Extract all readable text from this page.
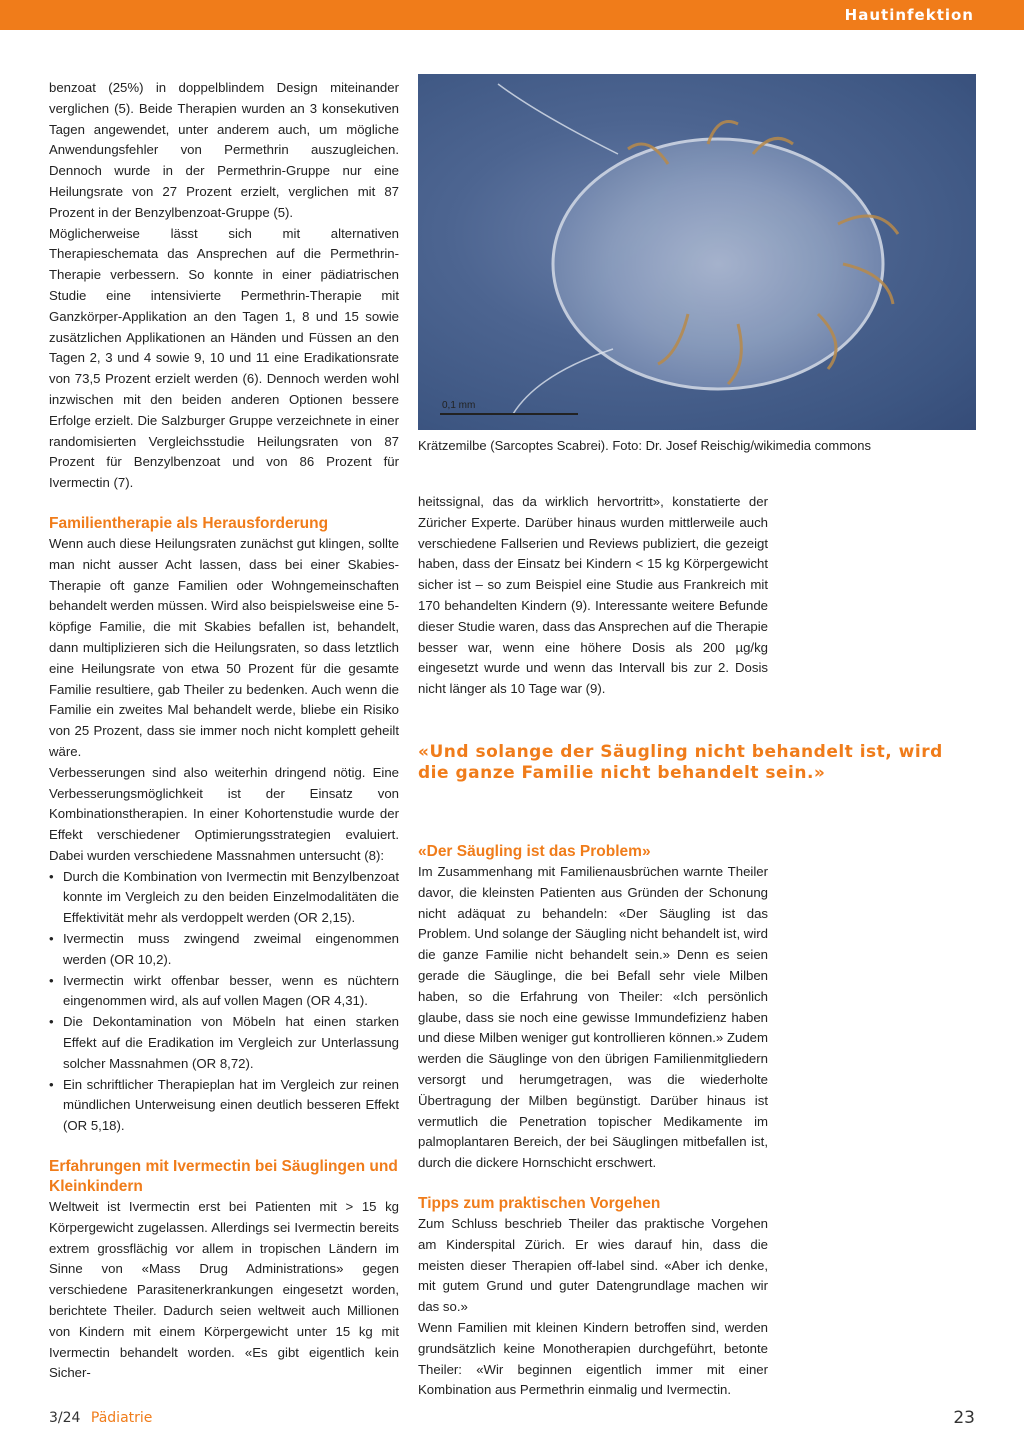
Hautinfektion

benzoat (25%) in doppelblindem Design miteinander verglichen (5). Beide Therapien wurden an 3 konsekutiven Tagen angewendet, unter anderem auch, um mögliche Anwendungsfehler von Permethrin auszugleichen. Dennoch wurde in der Permethrin-Gruppe nur eine Heilungsrate von 27 Prozent erzielt, verglichen mit 87 Prozent in der Benzylbenzoat-Gruppe (5).

Möglicherweise lässt sich mit alternativen Therapieschemata das Ansprechen auf die Permethrin-Therapie verbessern. So konnte in einer pädiatrischen Studie eine intensivierte Permethrin-Therapie mit Ganzkörper-Applikation an den Tagen 1, 8 und 15 sowie zusätzlichen Applikationen an Händen und Füssen an den Tagen 2, 3 und 4 sowie 9, 10 und 11 eine Eradikationsrate von 73,5 Prozent erzielt werden (6). Dennoch werden wohl inzwischen mit den beiden anderen Optionen bessere Erfolge erzielt. Die Salzburger Gruppe verzeichnete in einer randomisierten Vergleichsstudie Heilungsraten von 87 Prozent für Benzylbenzoat und von 86 Prozent für Ivermectin (7).

Familientherapie als Herausforderung

Wenn auch diese Heilungsraten zunächst gut klingen, sollte man nicht ausser Acht lassen, dass bei einer Skabies-Therapie oft ganze Familien oder Wohngemeinschaften behandelt werden müssen. Wird also beispielsweise eine 5-köpfige Familie, die mit Skabies befallen ist, behandelt, dann multiplizieren sich die Heilungsraten, so dass letztlich eine Heilungsrate von etwa 50 Prozent für die gesamte Familie resultiere, gab Theiler zu bedenken. Auch wenn die Familie ein zweites Mal behandelt werde, bliebe ein Risiko von 25 Prozent, dass sie immer noch nicht komplett geheilt wäre.

Verbesserungen sind also weiterhin dringend nötig. Eine Verbesserungsmöglichkeit ist der Einsatz von Kombinationstherapien. In einer Kohortenstudie wurde der Effekt verschiedener Optimierungsstrategien evaluiert. Dabei wurden verschiedene Massnahmen untersucht (8):

• Durch die Kombination von Ivermectin mit Benzylbenzoat konnte im Vergleich zu den beiden Einzelmodalitäten die Effektivität mehr als verdoppelt werden (OR 2,15).
• Ivermectin muss zwingend zweimal eingenommen werden (OR 10,2).
• Ivermectin wirkt offenbar besser, wenn es nüchtern eingenommen wird, als auf vollen Magen (OR 4,31).
• Die Dekontamination von Möbeln hat einen starken Effekt auf die Eradikation im Vergleich zur Unterlassung solcher Massnahmen (OR 8,72).
• Ein schriftlicher Therapieplan hat im Vergleich zur reinen mündlichen Unterweisung einen deutlich besseren Effekt (OR 5,18).
Erfahrungen mit Ivermectin bei Säuglingen und Kleinkindern

Weltweit ist Ivermectin erst bei Patienten mit > 15 kg Körpergewicht zugelassen. Allerdings sei Ivermectin bereits extrem grossflächig vor allem in tropischen Ländern im Sinne von «Mass Drug Administrations» gegen verschiedene Parasitenerkrankungen eingesetzt worden, berichtete Theiler. Dadurch seien weltweit auch Millionen von Kindern mit einem Körpergewicht unter 15 kg mit Ivermectin behandelt worden. «Es gibt eigentlich kein Sicher-

0,1 mm
Krätzemilbe (Sarcoptes Scabrei). Foto: Dr. Josef Reischig/wikimedia commons

heitssignal, das da wirklich hervortritt», konstatierte der Züricher Experte. Darüber hinaus wurden mittlerweile auch verschiedene Fallserien und Reviews publiziert, die gezeigt haben, dass der Einsatz bei Kindern < 15 kg Körpergewicht sicher ist – so zum Beispiel eine Studie aus Frankreich mit 170 behandelten Kindern (9). Interessante weitere Befunde dieser Studie waren, dass das Ansprechen auf die Therapie besser war, wenn eine höhere Dosis als 200 µg/kg eingesetzt wurde und wenn das Intervall bis zur 2. Dosis nicht länger als 10 Tage war (9).

«Und solange der Säugling nicht behandelt ist, wird die ganze Familie nicht behandelt sein.»
«Der Säugling ist das Problem»

Im Zusammenhang mit Familienausbrüchen warnte Theiler davor, die kleinsten Patienten aus Gründen der Schonung nicht adäquat zu behandeln: «Der Säugling ist das Problem. Und solange der Säugling nicht behandelt ist, wird die ganze Familie nicht behandelt sein.» Denn es seien gerade die Säuglinge, die bei Befall sehr viele Milben haben, so die Erfahrung von Theiler: «Ich persönlich glaube, dass sie noch eine gewisse Immundefizienz haben und diese Milben weniger gut kontrollieren können.» Zudem werden die Säuglinge von den übrigen Familienmitgliedern versorgt und herumgetragen, was die wiederholte Übertragung der Milben begünstigt. Darüber hinaus ist vermutlich die Penetration topischer Medikamente im palmoplantaren Bereich, der bei Säuglingen mitbefallen ist, durch die dickere Hornschicht erschwert.

Tipps zum praktischen Vorgehen

Zum Schluss beschrieb Theiler das praktische Vorgehen am Kinderspital Zürich. Er wies darauf hin, dass die meisten dieser Therapien off-label sind. «Aber ich denke, mit gutem Grund und guter Datengrundlage machen wir das so.»

Wenn Familien mit kleinen Kindern betroffen sind, werden grundsätzlich keine Monotherapien durchgeführt, betonte Theiler: «Wir beginnen eigentlich immer mit einer Kombination aus Permethrin einmalig und Ivermectin.

3/24 Pädiatrie	23
